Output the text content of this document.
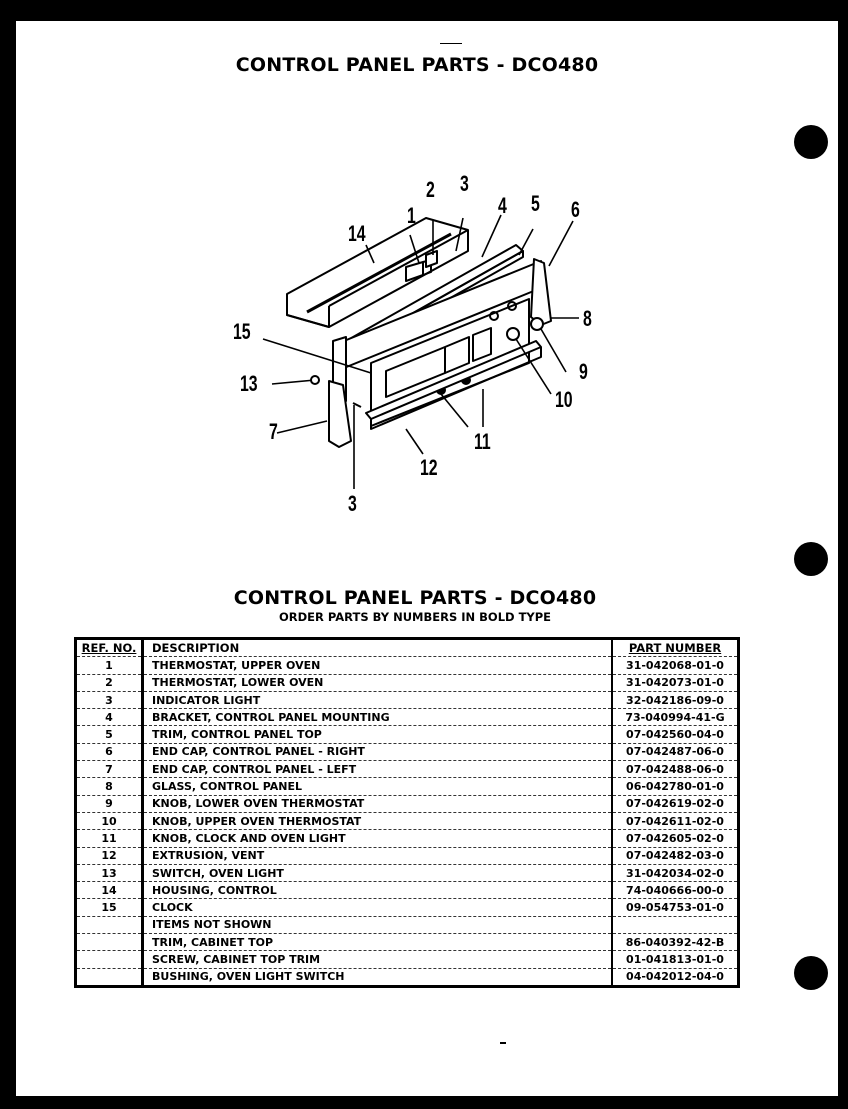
CONTROL PANEL PARTS - DCO480
1
2 3
4 5 6
8
14
15
13	9
10
7	11
12
3
CONTROL PANEL PARTS - DCO480
ORDER PARTS BY NUMBERS IN BOLD TYPE
REF. NO.	DESCRIPTION	PART NUMBER
1	THERMOSTAT, UPPER OVEN	31-042068-01-0
2	THERMOSTAT, LOWER OVEN	31-042073-01-0
3	INDICATOR LIGHT	32-042186-09-0
4	BRACKET, CONTROL PANEL MOUNTING	73-040994-41-G
5	TRIM, CONTROL PANEL TOP	07-042560-04-0
6	END CAP, CONTROL PANEL - RIGHT	07-042487-06-0
7	END CAP, CONTROL PANEL - LEFT	07-042488-06-0
8	GLASS, CONTROL PANEL	06-042780-01-0
9	KNOB, LOWER OVEN THERMOSTAT	07-042619-02-0
10	KNOB, UPPER OVEN THERMOSTAT	07-042611-02-0
11	KNOB, CLOCK AND OVEN LIGHT	07-042605-02-0
12	EXTRUSION, VENT	07-042482-03-0
13	SWITCH, OVEN LIGHT	31-042034-02-0
14	HOUSING, CONTROL	74-040666-00-0
15	CLOCK	09-054753-01-0
	ITEMS NOT SHOWN	
	TRIM, CABINET TOP	86-040392-42-B
	SCREW, CABINET TOP TRIM	01-041813-01-0
	BUSHING, OVEN LIGHT SWITCH	04-042012-04-0
